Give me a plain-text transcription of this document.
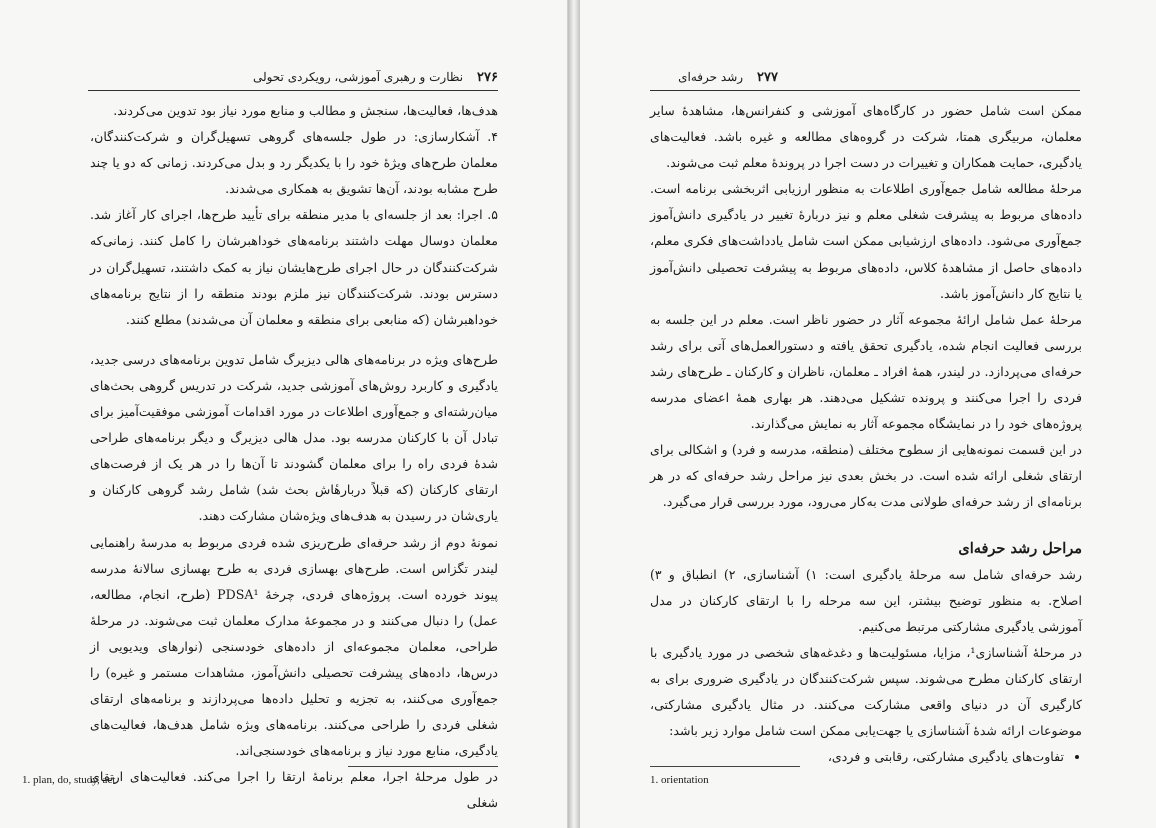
۲۷۶
نظارت و رهبری آموزشی، رویکردی تحولی

هدف‌ها، فعالیت‌ها، سنجش و مطالب و منابع مورد نیاز بود تدوین می‌کردند.

۴. آشکارسازی: در طول جلسه‌های گروهی تسهیل‌گران و شرکت‌کنندگان، معلمان طرح‌های ویژهٔ خود را با یکدیگر رد و بدل می‌کردند. زمانی که دو یا چند طرح مشابه بودند، آن‌ها تشویق به همکاری می‌شدند.

۵. اجرا: بعد از جلسه‌ای با مدیر منطقه برای تأیید طرح‌ها، اجرای کار آغاز شد. معلمان دوسال مهلت داشتند برنامه‌های خوداهبرشان را کامل کنند. زمانی‌که شرکت‌کنندگان در حال اجرای طرح‌هایشان نیاز به کمک داشتند، تسهیل‌گران در دسترس بودند. شرکت‌کنندگان نیز ملزم بودند منطقه را از نتایج برنامه‌های خوداهبرشان (که منابعی برای منطقه و معلمان آن می‌شدند) مطلع کنند.

طرح‌های ویژه در برنامه‌های هالی دیزیرگ شامل تدوین برنامه‌های درسی جدید، یادگیری و کاربرد روش‌های آموزشی جدید، شرکت در تدریس گروهی بحث‌های میان‌رشته‌ای و جمع‌آوری اطلاعات در مورد اقدامات آموزشی موفقیت‌آمیز برای تبادل آن با کارکنان مدرسه بود. مدل هالی دیزیرگ و دیگر برنامه‌های طراحی شدهٔ فردی راه را برای معلمان گشودند تا آن‌ها را در هر یک از فرصت‌های ارتقای کارکنان (که قبلاً دربارهٔاش بحث شد) شامل رشد گروهی کارکنان و یاری‌شان در رسیدن به هدف‌های ویژه‌شان مشارکت دهند.

نمونهٔ دوم از رشد حرفه‌ای طرح‌ریزی شده فردی مربوط به مدرسهٔ راهنمایی لیندر تگزاس است. طرح‌های بهسازی فردی به طرح بهسازی سالانهٔ مدرسه پیوند خورده است. پروژه‌های فردی، چرخهٔ PDSA¹ (طرح، انجام، مطالعه، عمل) را دنبال می‌کنند و در مجموعهٔ مدارک معلمان ثبت می‌شوند. در مرحلهٔ طراحی، معلمان مجموعه‌ای از داده‌های خودسنجی (نوارهای ویدیویی از درس‌ها، داده‌های پیشرفت تحصیلی دانش‌آموز، مشاهدات مستمر و غیره) را جمع‌آوری می‌کنند، به تجزیه و تحلیل داده‌ها می‌پردازند و برنامه‌های ارتقای شغلی فردی را طراحی می‌کنند. برنامه‌های ویژه شامل هدف‌ها، فعالیت‌های یادگیری، منابع مورد نیاز و برنامه‌های خودسنجی‌اند.

در طول مرحلهٔ اجرا، معلم برنامهٔ ارتقا را اجرا می‌کند. فعالیت‌های ارتقای شغلی

1. plan, do, study, act
۲۷۷
رشد حرفه‌ای

ممکن است شامل حضور در کارگاه‌های آموزشی و کنفرانس‌ها، مشاهدهٔ سایر معلمان، مربیگری همتا، شرکت در گروه‌های مطالعه و غیره باشد. فعالیت‌های یادگیری، حمایت همکاران و تغییرات در دست اجرا در پروندهٔ معلم ثبت می‌شوند.

مرحلهٔ مطالعه شامل جمع‌آوری اطلاعات به منظور ارزیابی اثربخشی برنامه است. داده‌های مربوط به پیشرفت شغلی معلم و نیز دربارهٔ تغییر در یادگیری دانش‌آموز جمع‌آوری می‌شود. داده‌های ارزشیابی ممکن است شامل یادداشت‌های فکری معلم، داده‌های حاصل از مشاهدهٔ کلاس، داده‌های مربوط به پیشرفت تحصیلی دانش‌آموز یا نتایج کار دانش‌آموز باشد.

مرحلهٔ عمل شامل ارائهٔ مجموعه آثار در حضور ناظر است. معلم در این جلسه به بررسی فعالیت انجام شده، یادگیری تحقق یافته و دستورالعمل‌های آتی برای رشد حرفه‌ای می‌پردازد. در لیندر، همهٔ افراد ـ معلمان، ناظران و کارکنان ـ طرح‌های رشد فردی را اجرا می‌کنند و پرونده تشکیل می‌دهند. هر بهاری همهٔ اعضای مدرسه پروژه‌های خود را در نمایشگاه مجموعه آثار به نمایش می‌گذارند.

در این قسمت نمونه‌هایی از سطوح مختلف (منطقه، مدرسه و فرد) و اشکالی برای ارتقای شغلی ارائه شده است. در بخش بعدی نیز مراحل رشد حرفه‌ای که در هر برنامه‌ای از رشد حرفه‌ای طولانی مدت به‌کار می‌رود، مورد بررسی قرار می‌گیرد.

مراحل رشد حرفه‌ای

رشد حرفه‌ای شامل سه مرحلهٔ یادگیری است: ۱) آشناسازی، ۲) انطباق و ۳) اصلاح. به منظور توضیح بیشتر، این سه مرحله را با ارتقای کارکنان در مدل آموزشی یادگیری مشارکتی مرتبط می‌کنیم.

در مرحلهٔ آشناسازی¹، مزایا، مسئولیت‌ها و دغدغه‌های شخصی در مورد یادگیری با ارتقای کارکنان مطرح می‌شوند. سپس شرکت‌کنندگان در یادگیری ضروری برای به کارگیری آن در دنیای واقعی مشارکت می‌کنند. در مثال یادگیری مشارکتی، موضوعات ارائه شدهٔ آشناسازی یا جهت‌یابی ممکن است شامل موارد زیر باشد:

• تفاوت‌های یادگیری مشارکتی، رقابتی و فردی،
1. orientation
